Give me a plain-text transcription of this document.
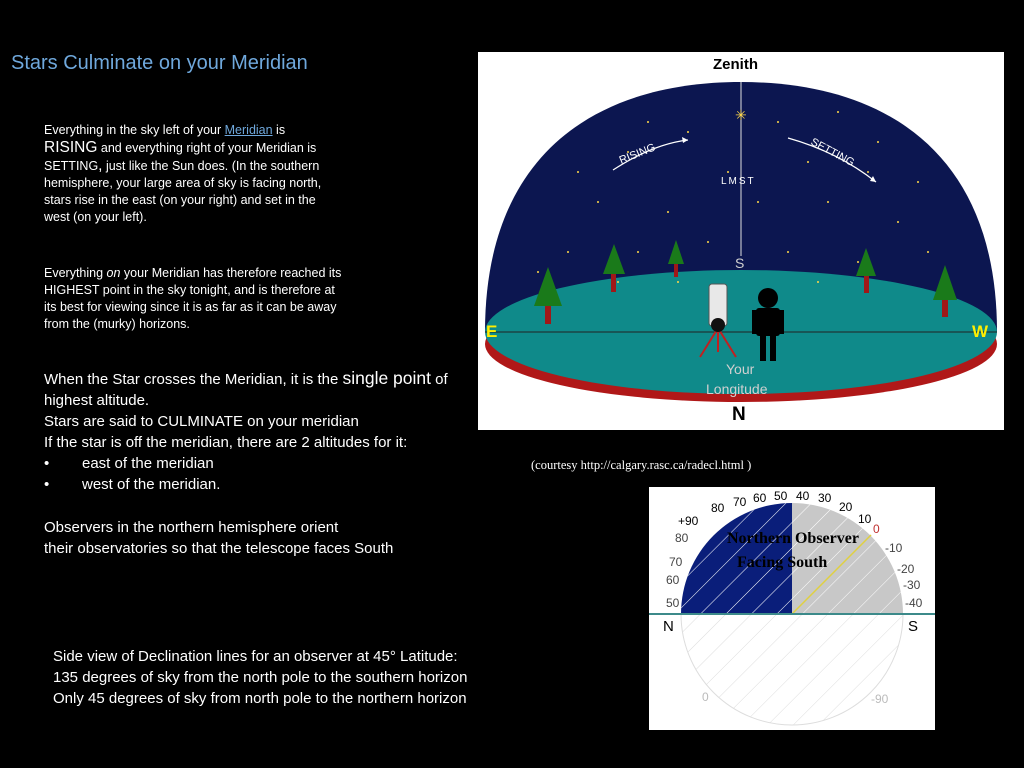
Stars Culminate on your Meridian
Everything in the sky left of your Meridian is
RISING and everything right of your Meridian is SETTING, just like the Sun does. (In the southern hemisphere, your large area of sky is facing north, stars rise in the east (on your right) and set in the west (on your left).
Everything on your Meridian has therefore reached its HIGHEST point in the sky tonight, and is therefore at its best for viewing since it is as far as it can be away from the (murky) horizons.
When the Star crosses the Meridian, it is the single point of highest altitude.
Stars are said to CULMINATE on your meridian
If the star is off the meridian, there are 2 altitudes for it:
• east of the meridian
• west of the meridian.
Observers in the northern hemisphere orient
their observatories so that the telescope faces South
Side view of Declination lines for an observer at 45° Latitude:
135 degrees of sky from the north pole to the southern horizon
Only 45 degrees of sky from north pole to the northern horizon
✳
Zenith
RISING	SETTING
LMST
S
E	W
Your
Longitude
N
(courtesy http://calgary.rasc.ca/radecl.html )
Northern Observer
Facing South
+90
80 70 60 50 40 30
20
10
0
-10
-20
-30
-40
80
70
60
50
N	S
0	-90
